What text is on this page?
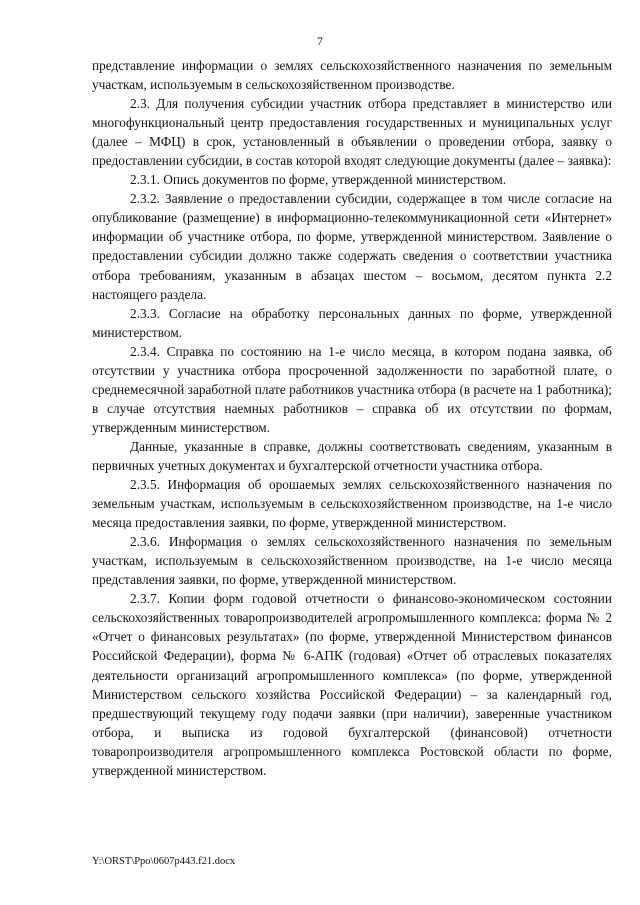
7

представление информации о землях сельскохозяйственного назначения по земельным участкам, используемым в сельскохозяйственном производстве.

2.3. Для получения субсидии участник отбора представляет в министерство или многофункциональный центр предоставления государственных и муниципальных услуг (далее – МФЦ) в срок, установленный в объявлении о проведении отбора, заявку о предоставлении субсидии, в состав которой входят следующие документы (далее – заявка):

2.3.1. Опись документов по форме, утвержденной министерством.

2.3.2. Заявление о предоставлении субсидии, содержащее в том числе согласие на опубликование (размещение) в информационно-телекоммуникационной сети «Интернет» информации об участнике отбора, по форме, утвержденной министерством. Заявление о предоставлении субсидии должно также содержать сведения о соответствии участника отбора требованиям, указанным в абзацах шестом – восьмом, десятом пункта 2.2 настоящего раздела.

2.3.3. Согласие на обработку персональных данных по форме, утвержденной министерством.

2.3.4. Справка по состоянию на 1-е число месяца, в котором подана заявка, об отсутствии у участника отбора просроченной задолженности по заработной плате, о среднемесячной заработной плате работников участника отбора (в расчете на 1 работника); в случае отсутствия наемных работников – справка об их отсутствии по формам, утвержденным министерством.

Данные, указанные в справке, должны соответствовать сведениям, указанным в первичных учетных документах и бухгалтерской отчетности участника отбора.

2.3.5. Информация об орошаемых землях сельскохозяйственного назначения по земельным участкам, используемым в сельскохозяйственном производстве, на 1-е число месяца предоставления заявки, по форме, утвержденной министерством.

2.3.6. Информация о землях сельскохозяйственного назначения по земельным участкам, используемым в сельскохозяйственном производстве, на 1-е число месяца представления заявки, по форме, утвержденной министерством.

2.3.7. Копии форм годовой отчетности о финансово-экономическом состоянии сельскохозяйственных товаропроизводителей агропромышленного комплекса: форма № 2 «Отчет о финансовых результатах» (по форме, утвержденной Министерством финансов Российской Федерации), форма № 6-АПК (годовая) «Отчет об отраслевых показателях деятельности организаций агропромышленного комплекса» (по форме, утвержденной Министерством сельского хозяйства Российской Федерации) – за календарный год, предшествующий текущему году подачи заявки (при наличии), заверенные участником отбора, и выписка из годовой бухгалтерской (финансовой) отчетности товаропроизводителя агропромышленного комплекса Ростовской области по форме, утвержденной министерством.

Y:\ORST\Ppo\0607p443.f21.docx
